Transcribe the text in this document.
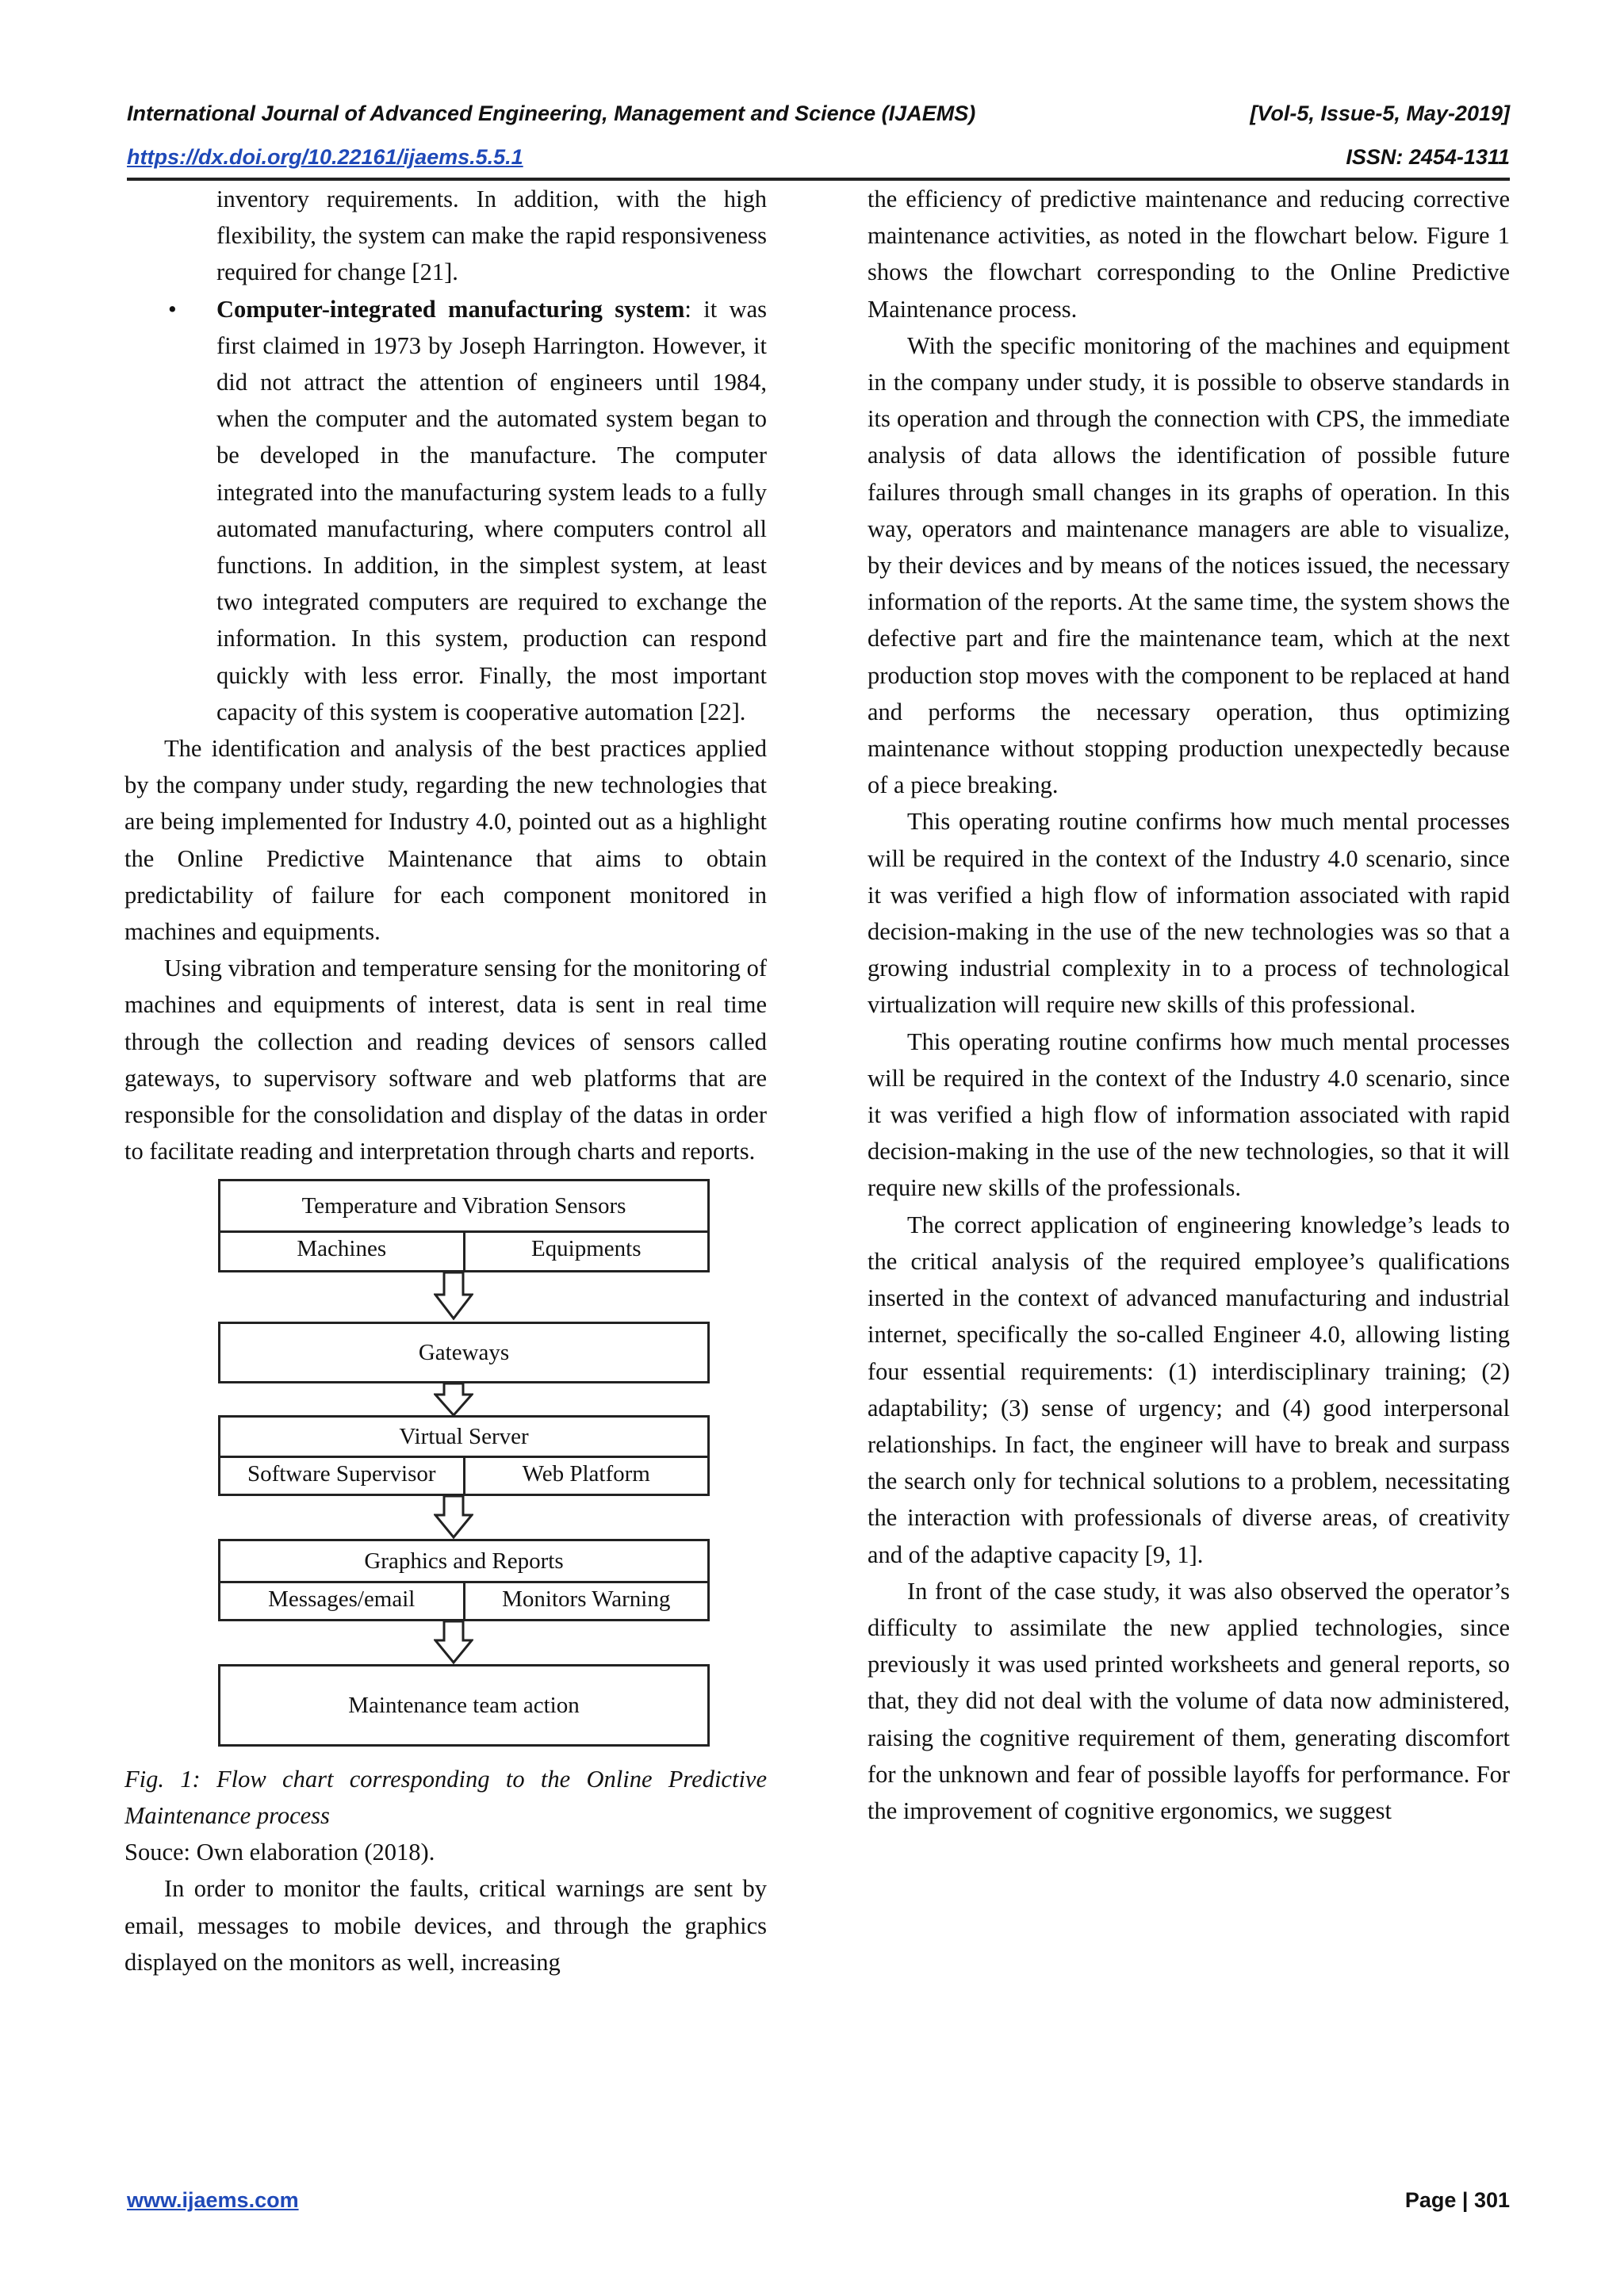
International Journal of Advanced Engineering, Management and Science (IJAEMS)	[Vol-5, Issue-5, May-2019]
https://dx.doi.org/10.22161/ijaems.5.5.1	ISSN: 2454-1311

inventory requirements. In addition, with the high flexibility, the system can make the rapid responsiveness required for change [21].

• Computer-integrated manufacturing system: it was first claimed in 1973 by Joseph Harrington. However, it did not attract the attention of engineers until 1984, when the computer and the automated system began to be developed in the manufacture. The computer integrated into the manufacturing system leads to a fully automated manufacturing, where computers control all functions. In addition, in the simplest system, at least two integrated computers are required to exchange the information. In this system, production can respond quickly with less error. Finally, the most important capacity of this system is cooperative automation [22].

The identification and analysis of the best practices applied by the company under study, regarding the new technologies that are being implemented for Industry 4.0, pointed out as a highlight the Online Predictive Maintenance that aims to obtain predictability of failure for each component monitored in machines and equipments.

Using vibration and temperature sensing for the monitoring of machines and equipments of interest, data is sent in real time through the collection and reading devices of sensors called gateways, to supervisory software and web platforms that are responsible for the consolidation and display of the datas in order to facilitate reading and interpretation through charts and reports.

Temperature and Vibration Sensors
Machines	Equipments
Gateways
Virtual Server
Software Supervisor	Web Platform
Graphics and Reports
Messages/email	Monitors Warning
Maintenance team action

Fig. 1: Flow chart corresponding to the Online Predictive Maintenance process

Souce: Own elaboration (2018).

In order to monitor the faults, critical warnings are sent by email, messages to mobile devices, and through the graphics displayed on the monitors as well, increasing

the efficiency of predictive maintenance and reducing corrective maintenance activities, as noted in the flowchart below. Figure 1 shows the flowchart corresponding to the Online Predictive Maintenance process.

With the specific monitoring of the machines and equipment in the company under study, it is possible to observe standards in its operation and through the connection with CPS, the immediate analysis of data allows the identification of possible future failures through small changes in its graphs of operation. In this way, operators and maintenance managers are able to visualize, by their devices and by means of the notices issued, the necessary information of the reports. At the same time, the system shows the defective part and fire the maintenance team, which at the next production stop moves with the component to be replaced at hand and performs the necessary operation, thus optimizing maintenance without stopping production unexpectedly because of a piece breaking.

This operating routine confirms how much mental processes will be required in the context of the Industry 4.0 scenario, since it was verified a high flow of information associated with rapid decision-making in the use of the new technologies was so that a growing industrial complexity in to a process of technological virtualization will require new skills of this professional.

This operating routine confirms how much mental processes will be required in the context of the Industry 4.0 scenario, since it was verified a high flow of information associated with rapid decision-making in the use of the new technologies, so that it will require new skills of the professionals.

The correct application of engineering knowledge’s leads to the critical analysis of the required employee’s qualifications inserted in the context of advanced manufacturing and industrial internet, specifically the so-called Engineer 4.0, allowing listing four essential requirements: (1) interdisciplinary training; (2) adaptability; (3) sense of urgency; and (4) good interpersonal relationships. In fact, the engineer will have to break and surpass the search only for technical solutions to a problem, necessitating the interaction with professionals of diverse areas, of creativity and of the adaptive capacity [9, 1].

In front of the case study, it was also observed the operator’s difficulty to assimilate the new applied technologies, since previously it was used printed worksheets and general reports, so that, they did not deal with the volume of data now administered, raising the cognitive requirement of them, generating discomfort for the unknown and fear of possible layoffs for performance. For the improvement of cognitive ergonomics, we suggest

www.ijaems.com	Page | 301
